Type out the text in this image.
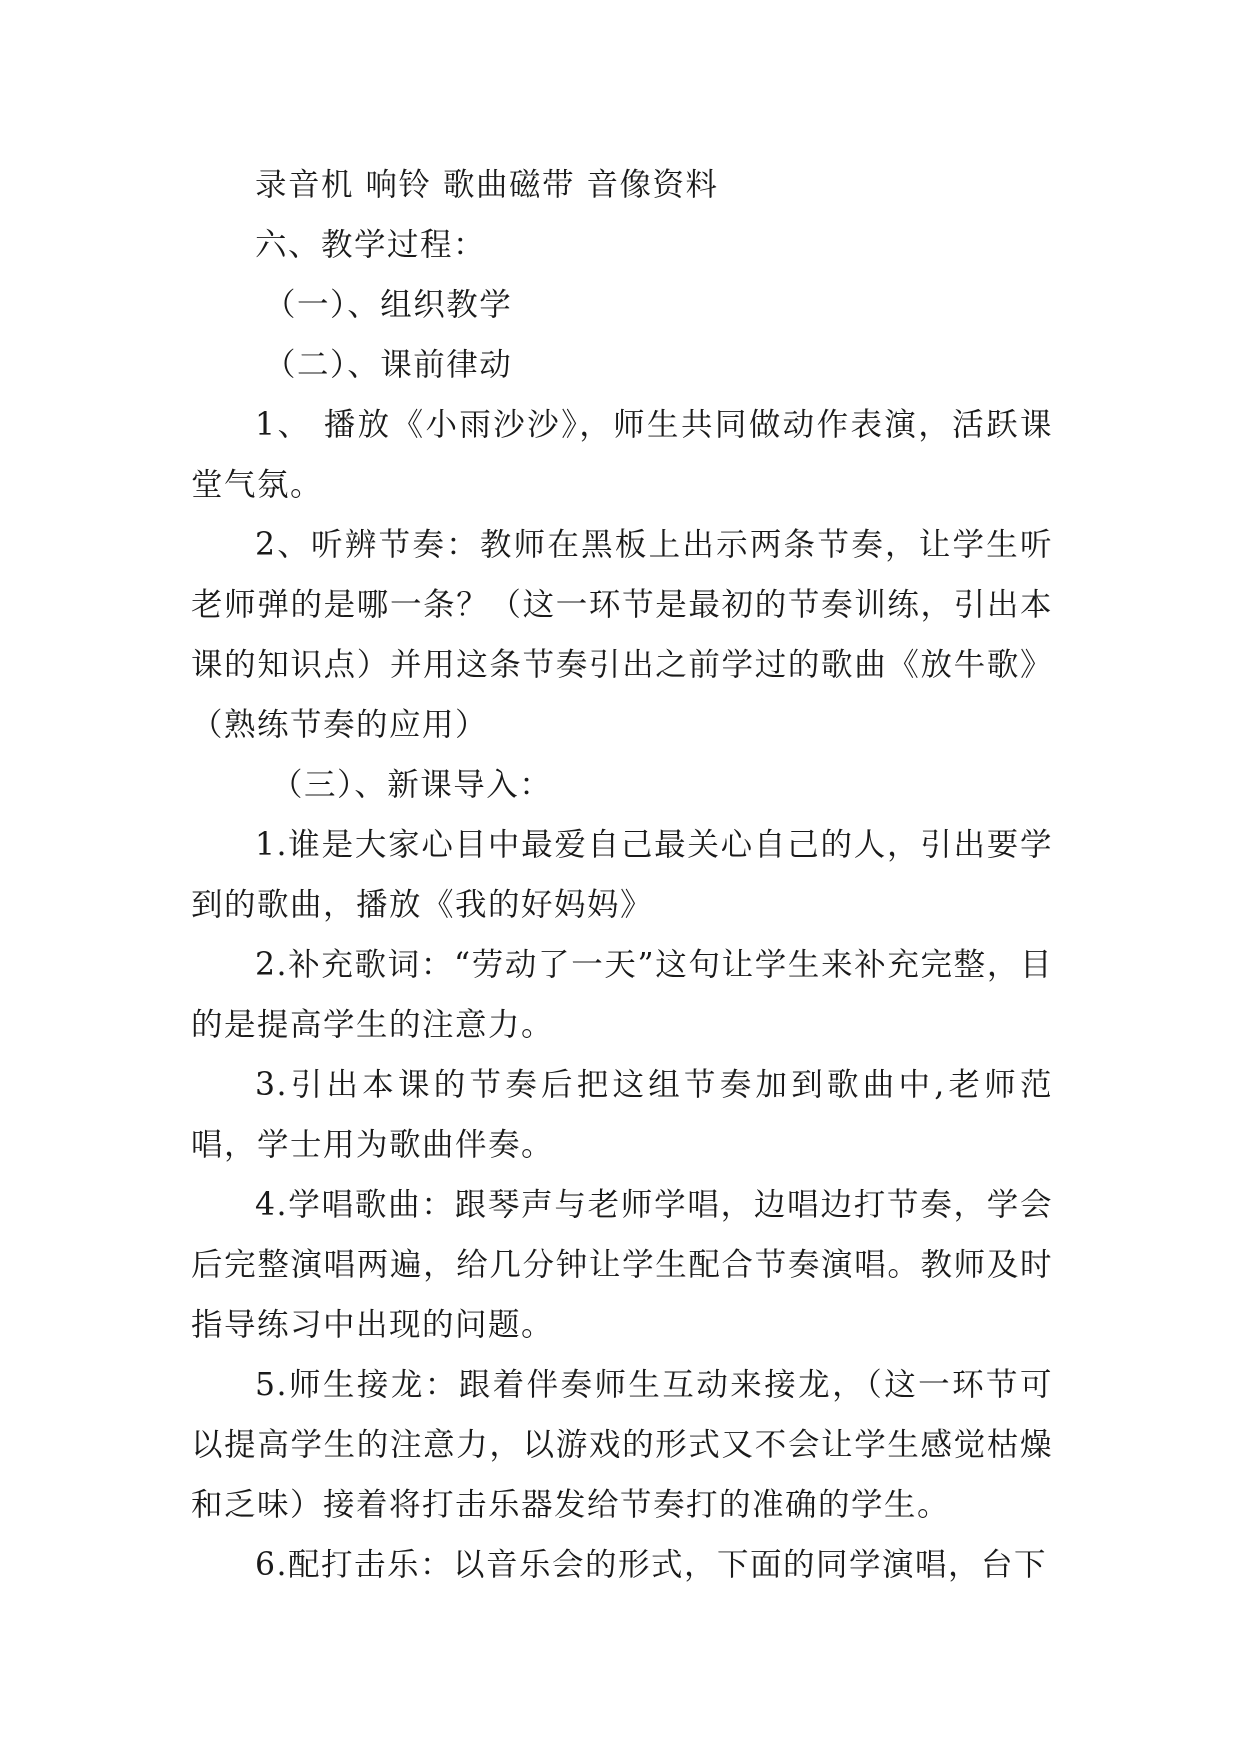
录音机 响铃 歌曲磁带 音像资料

六、教学过程：

（一）、组织教学

（二）、课前律动

1、 播放《小雨沙沙》，师生共同做动作表演，活跃课堂气氛。

2、听辨节奏：教师在黑板上出示两条节奏，让学生听老师弹的是哪一条？（这一环节是最初的节奏训练，引出本课的知识点）并用这条节奏引出之前学过的歌曲《放牛歌》（熟练节奏的应用）

（三）、新课导入：

1.谁是大家心目中最爱自己最关心自己的人，引出要学到的歌曲，播放《我的好妈妈》

2.补充歌词：“劳动了一天”这句让学生来补充完整，目的是提高学生的注意力。

3.引出本课的节奏后把这组节奏加到歌曲中,老师范唱，学士用为歌曲伴奏。

4.学唱歌曲：跟琴声与老师学唱，边唱边打节奏，学会后完整演唱两遍，给几分钟让学生配合节奏演唱。教师及时指导练习中出现的问题。

5.师生接龙：跟着伴奏师生互动来接龙，（这一环节可以提高学生的注意力，以游戏的形式又不会让学生感觉枯燥和乏味）接着将打击乐器发给节奏打的准确的学生。

6.配打击乐：以音乐会的形式，下面的同学演唱，台下
